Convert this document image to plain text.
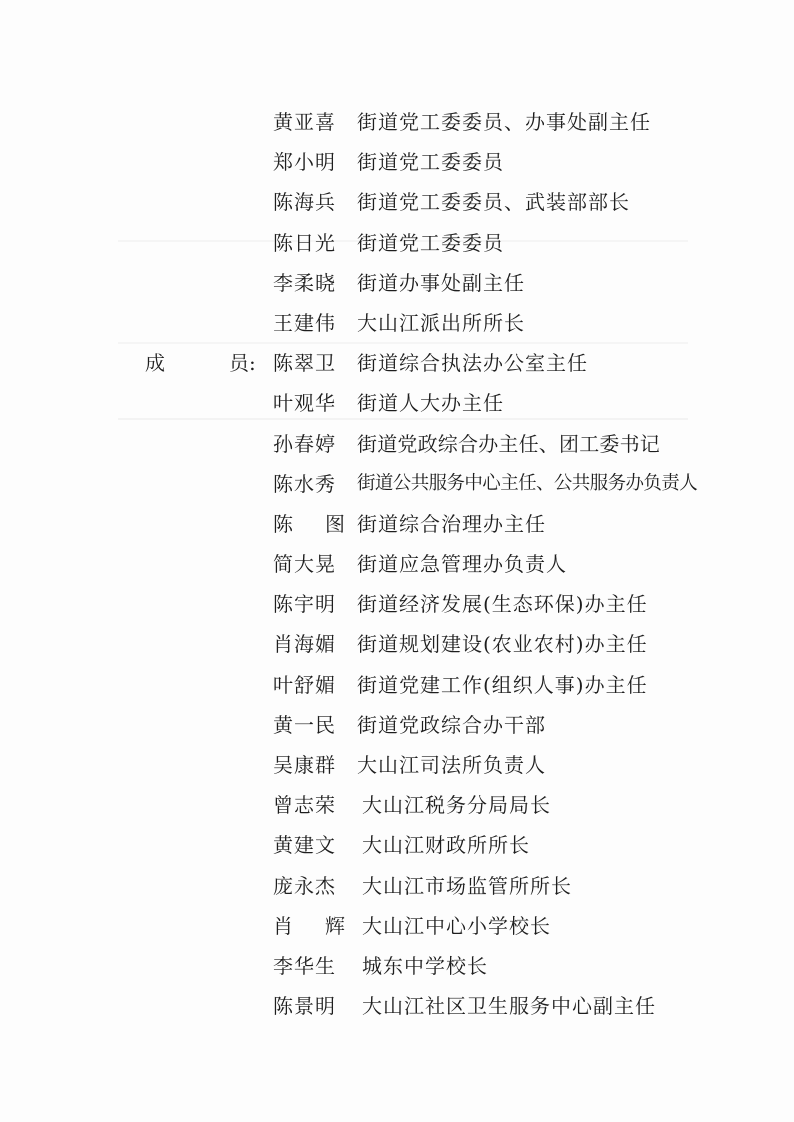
黄亚喜	街道党工委委员、办事处副主任
郑小明	街道党工委委员
陈海兵	街道党工委委员、武装部部长
陈日光	街道党工委委员
李柔晓	街道办事处副主任
王建伟	大山江派出所所长
成	员: 陈翠卫	街道综合执法办公室主任
叶观华	街道人大办主任
孙春婷	街道党政综合办主任、团工委书记
陈水秀	街道公共服务中心主任、公共服务办负责人
陈 图 街道综合治理办主任
简大晃	街道应急管理办负责人
陈宇明	街道经济发展(生态环保)办主任
肖海媚	街道规划建设(农业农村)办主任
叶舒媚	街道党建工作(组织人事)办主任
黄一民	街道党政综合办干部
吴康群	大山江司法所负责人
曾志荣	大山江税务分局局长
黄建文	大山江财政所所长
庞永杰	大山江市场监管所所长
肖 辉 大山江中心小学校长
李华生	城东中学校长
陈景明	大山江社区卫生服务中心副主任
